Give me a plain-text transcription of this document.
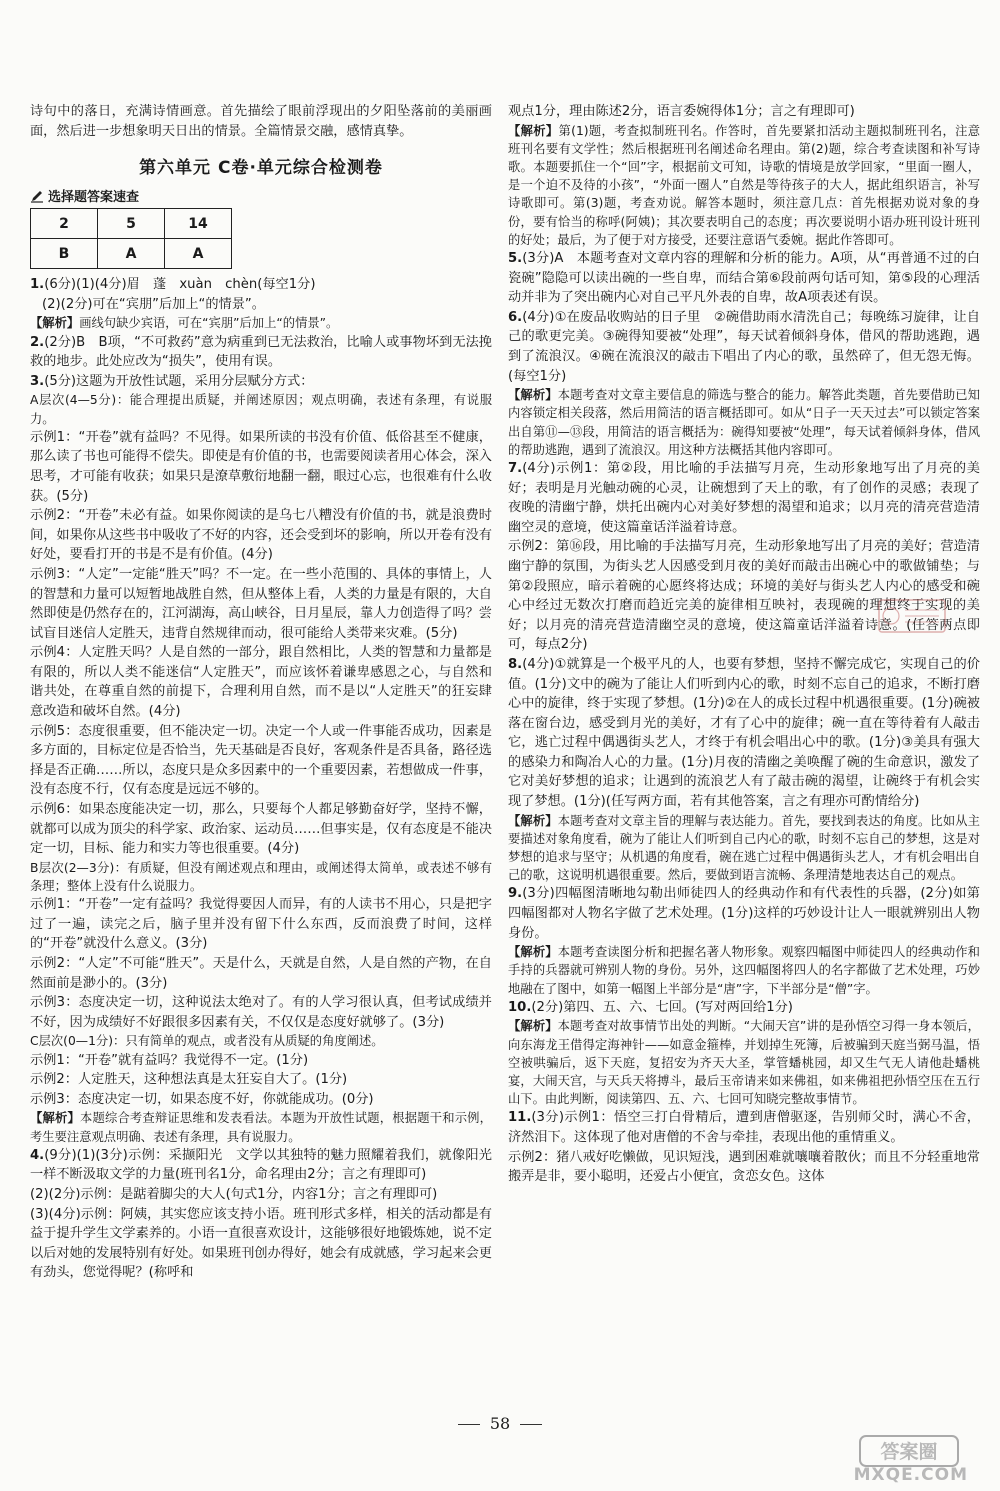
诗句中的落日，充满诗情画意。首先描绘了眼前浮现出的夕阳坠落前的美丽画面，然后进一步想象明天日出的情景。全篇情景交融，感情真挚。

第六单元 C卷·单元综合检测卷
选择题答案速查
2	5	14
B	A	A

1.(6分)(1)(4分)眉　蓬　xuàn　chèn(每空1分)

(2)(2分)可在“宾朋”后加上“的情景”。

【解析】画线句缺少宾语，可在“宾朋”后加上“的情景”。

2.(2分)B　B项，“不可救药”意为病重到已无法救治，比喻人或事物坏到无法挽救的地步。此处应改为“损失”，使用有误。

3.(5分)这题为开放性试题，采用分层赋分方式：

A层次(4—5分)：能合理提出质疑，并阐述原因；观点明确，表述有条理，有说服力。

示例1：“开卷”就有益吗？不见得。如果所读的书没有价值、低俗甚至不健康，那么读了书也可能得不偿失。即使是有价值的书，也需要阅读者用心体会，深入思考，才可能有收获；如果只是潦草敷衍地翻一翻，眼过心忘，也很难有什么收获。(5分)

示例2：“开卷”未必有益。如果你阅读的是乌七八糟没有价值的书，就是浪费时间，如果你从这些书中吸收了不好的内容，还会受到坏的影响，所以开卷有没有好处，要看打开的书是不是有价值。(4分)

示例3：“人定”一定能“胜天”吗？不一定。在一些小范围的、具体的事情上，人的智慧和力量可以短暂地战胜自然，但从整体上看，人类的力量是有限的，大自然即使是仍然存在的，江河湖海，高山峡谷，日月星辰，靠人力创造得了吗？尝试盲目迷信人定胜天，违背自然规律而动，很可能给人类带来灾难。(5分)

示例4：人定胜天吗？人是自然的一部分，跟自然相比，人类的智慧和力量都是有限的，所以人类不能迷信“人定胜天”，而应该怀着谦卑感恩之心，与自然和谐共处，在尊重自然的前提下，合理利用自然，而不是以“人定胜天”的狂妄肆意改造和破坏自然。(4分)

示例5：态度很重要，但不能决定一切。决定一个人或一件事能否成功，因素是多方面的，目标定位是否恰当，先天基础是否良好，客观条件是否具备，路径选择是否正确……所以，态度只是众多因素中的一个重要因素，若想做成一件事，没有态度不行，仅有态度是远远不够的。

示例6：如果态度能决定一切，那么，只要每个人都足够勤奋好学，坚持不懈，就都可以成为顶尖的科学家、政治家、运动员……但事实是，仅有态度是不能决定一切，目标、能力和实力等也很重要。(4分)

B层次(2—3分)：有质疑，但没有阐述观点和理由，或阐述得太简单，或表述不够有条理；整体上没有什么说服力。

示例1：“开卷”一定有益吗？我觉得要因人而异，有的人读书不用心，只是把字过了一遍，读完之后，脑子里并没有留下什么东西，反而浪费了时间，这样的“开卷”就没什么意义。(3分)

示例2：“人定”不可能“胜天”。天是什么，天就是自然，人是自然的产物，在自然面前是渺小的。(3分)

示例3：态度决定一切，这种说法太绝对了。有的人学习很认真，但考试成绩并不好，因为成绩好不好跟很多因素有关，不仅仅是态度好就够了。(3分)

C层次(0—1分)：只有简单的观点，或者没有从质疑的角度阐述。

示例1：“开卷”就有益吗？我觉得不一定。(1分)

示例2：人定胜天，这种想法真是太狂妄自大了。(1分)

示例3：态度决定一切，如果态度不好，你就能成功。(0分)

【解析】本题综合考查辩证思维和发表看法。本题为开放性试题，根据题干和示例，考生要注意观点明确、表述有条理，具有说服力。

4.(9分)(1)(3分)示例：采撷阳光　文学以其独特的魅力照耀着我们，就像阳光一样不断汲取文学的力量(班刊名1分，命名理由2分；言之有理即可)

(2)(2分)示例：是踮着脚尖的大人(句式1分，内容1分；言之有理即可)

(3)(4分)示例：阿姨，其实您应该支持小语。班刊形式多样，相关的活动都是有益于提升学生文学素养的。小语一直很喜欢设计，这能够很好地锻炼她，说不定以后对她的发展特别有好处。如果班刊创办得好，她会有成就感，学习起来会更有劲头，您觉得呢？(称呼和

观点1分，理由陈述2分，语言委婉得体1分；言之有理即可)

【解析】第(1)题，考查拟制班刊名。作答时，首先要紧扣活动主题拟制班刊名，注意班刊名要有文学性；然后根据班刊名阐述命名理由。第(2)题，综合考查读图和补写诗歌。本题要抓住一个“回”字，根据前文可知，诗歌的情境是放学回家，“里面一圈人，是一个迫不及待的小孩”，“外面一圈人”自然是等待孩子的大人，据此组织语言，补写诗歌即可。第(3)题，考查劝说。解答本题时，须注意几点：首先根据劝说对象的身份，要有恰当的称呼(阿姨)；其次要表明自己的态度；再次要说明小语办班刊设计班刊的好处；最后，为了便于对方接受，还要注意语气委婉。据此作答即可。

5.(3分)A　本题考查对文章内容的理解和分析的能力。A项，从“再普通不过的白瓷碗”隐隐可以读出碗的一些自卑，而结合第⑥段前两句话可知，第⑤段的心理活动并非为了突出碗内心对自己平凡外表的自卑，故A项表述有误。

6.(4分)①在废品收购站的日子里　②碗借助雨水清洗自己；每晚练习旋律，让自己的歌更完美。③碗得知要被“处理”，每天试着倾斜身体，借风的帮助逃跑，遇到了流浪汉。④碗在流浪汉的敲击下唱出了内心的歌，虽然碎了，但无怨无悔。(每空1分)

【解析】本题考查对文章主要信息的筛选与整合的能力。解答此类题，首先要借助已知内容锁定相关段落，然后用简洁的语言概括即可。如从“日子一天天过去”可以锁定答案出自第⑪—⑬段，用简洁的语言概括为：碗得知要被“处理”，每天试着倾斜身体，借风的帮助逃跑，遇到了流浪汉。用这种方法概括其他内容即可。

7.(4分)示例1：第②段，用比喻的手法描写月亮，生动形象地写出了月亮的美好；表明是月光触动碗的心灵，让碗想到了天上的歌，有了创作的灵感；表现了夜晚的清幽宁静，烘托出碗内心对美好梦想的渴望和追求；以月亮的清亮营造清幽空灵的意境，使这篇童话洋溢着诗意。

示例2：第⑯段，用比喻的手法描写月亮，生动形象地写出了月亮的美好；营造清幽宁静的氛围，为街头艺人因感受到月夜的美好而敲击出碗心中的歌做铺垫；与第②段照应，暗示着碗的心愿终将达成；环境的美好与街头艺人内心的感受和碗心中经过无数次打磨而趋近完美的旋律相互映衬，表现碗的理想终于实现的美好；以月亮的清亮营造清幽空灵的意境，使这篇童话洋溢着诗意。(任答两点即可，每点2分)

8.(4分)①就算是一个极平凡的人，也要有梦想，坚持不懈完成它，实现自己的价值。(1分)文中的碗为了能让人们听到内心的歌，时刻不忘自己的追求，不断打磨心中的旋律，终于实现了梦想。(1分)②在人的成长过程中机遇很重要。(1分)碗被落在窗台边，感受到月光的美好，才有了心中的旋律；碗一直在等待着有人敲击它，逃亡过程中偶遇街头艺人，才终于有机会唱出心中的歌。(1分)③美具有强大的感染力和陶冶人心的力量。(1分)月夜的清幽之美唤醒了碗的生命意识，激发了它对美好梦想的追求；让遇到的流浪艺人有了敲击碗的渴望，让碗终于有机会实现了梦想。(1分)(任写两方面，若有其他答案，言之有理亦可酌情给分)

【解析】本题考查对文章主旨的理解与表达能力。首先，要找到表达的角度。比如从主要描述对象角度看，碗为了能让人们听到自己内心的歌，时刻不忘自己的梦想，这是对梦想的追求与坚守；从机遇的角度看，碗在逃亡过程中偶遇街头艺人，才有机会唱出自己的歌，这说明机遇很重要。然后，要做到语言流畅、条理清楚地表达自己的观点。

9.(3分)四幅图清晰地勾勒出师徒四人的经典动作和有代表性的兵器，(2分)如第四幅图都对人物名字做了艺术处理。(1分)这样的巧妙设计让人一眼就辨别出人物身份。

【解析】本题考查读图分析和把握名著人物形象。观察四幅图中师徒四人的经典动作和手持的兵器就可辨别人物的身份。另外，这四幅图将四人的名字都做了艺术处理，巧妙地融在了图中，如第一幅图上半部分是“唐”字，下半部分是“僧”字。

10.(2分)第四、五、六、七回。(写对两回给1分)

【解析】本题考查对故事情节出处的判断。“大闹天宫”讲的是孙悟空习得一身本领后，向东海龙王借得定海神针——如意金箍棒，并划掉生死簿，后被骗到天庭当弼马温，悟空被哄骗后，返下天庭，复招安为齐天大圣，掌管蟠桃园，却又生气无人请他赴蟠桃宴，大闹天宫，与天兵天将搏斗，最后玉帝请来如来佛祖，如来佛祖把孙悟空压在五行山下。由此判断，阅读第四、五、六、七回可知晓完整故事情节。

11.(3分)示例1：悟空三打白骨精后，遭到唐僧驱逐，告别师父时，满心不舍，济然泪下。这体现了他对唐僧的不舍与牵挂，表现出他的重情重义。

示例2：猪八戒好吃懒做，见识短浅，遇到困难就嚷嚷着散伙；而且不分轻重地常搬弄是非，要小聪明，还爱占小便宜，贪恋女色。这体

58
答案圈
MXQE.COM
